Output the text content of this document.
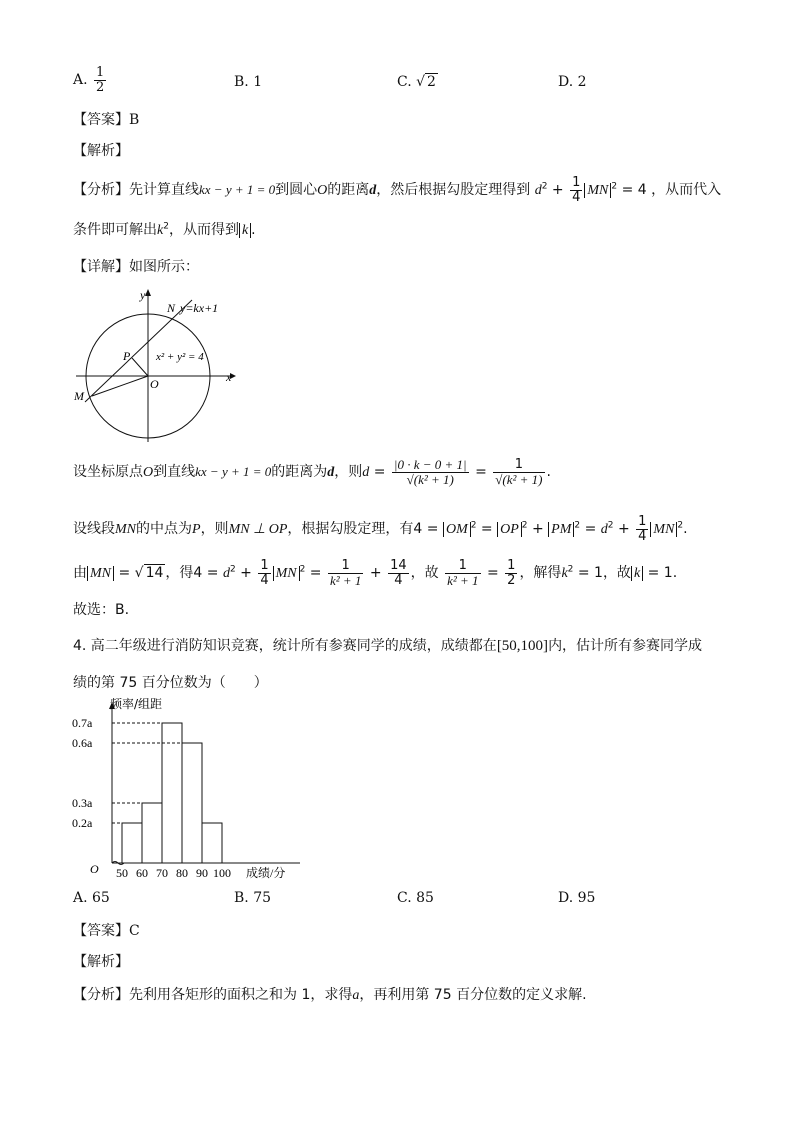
A. $\frac{1}{2}$	B. 1	C. √ 2	D. 2
【答案】B
【解析】
【分析】先计算直线kx − y + 1 = 0到圆心O的距离d，然后根据勾股定理得到 $d^2 + \frac{1}{4}$ MN $^2$ = 4 ，从而代入
条件即可解出$k^2$，从而得到 k .
【详解】如图所示：
y
x
O
N y=kx+1
P x² + y² = 4
M
设坐标原点O到直线kx − y + 1 = 0的距离为d，则$d = \frac{|0 \cdot k - 0 + 1|}{\text{√(k² + 1)}} = \frac{1}{\text{√(k² + 1)}}$ .
设线段MN的中点为P，则MN ⊥ OP，根据勾股定理，有4 = OM $^2$ = OP $^2$ + PM $^2 = d^2 + \frac{1}{4}$ MN $^2$.
由 MN = √ 14 ，得$4 = d^2 + \frac{1}{4}$ MN $^2 = \frac{1}{\text{k² + 1}} + \frac{14}{4}$ ，故 $\frac{1}{\text{k² + 1}} = \frac{1}{2}$ ，解得$k^2 = 1$，故 k = 1.
故选：B.
4. 高二年级进行消防知识竞赛，统计所有参赛同学的成绩，成绩都在[50,100]内，估计所有参赛同学成
绩的第 75 百分位数为（　　）
频率/组距
O	成绩/分
0.2a
0.3a
0.6a
0.7a
50 60 70 80 90 100
A. 65	B. 75	C. 85	D. 95
【答案】C
【解析】
【分析】先利用各矩形的面积之和为 1，求得a，再利用第 75 百分位数的定义求解.
